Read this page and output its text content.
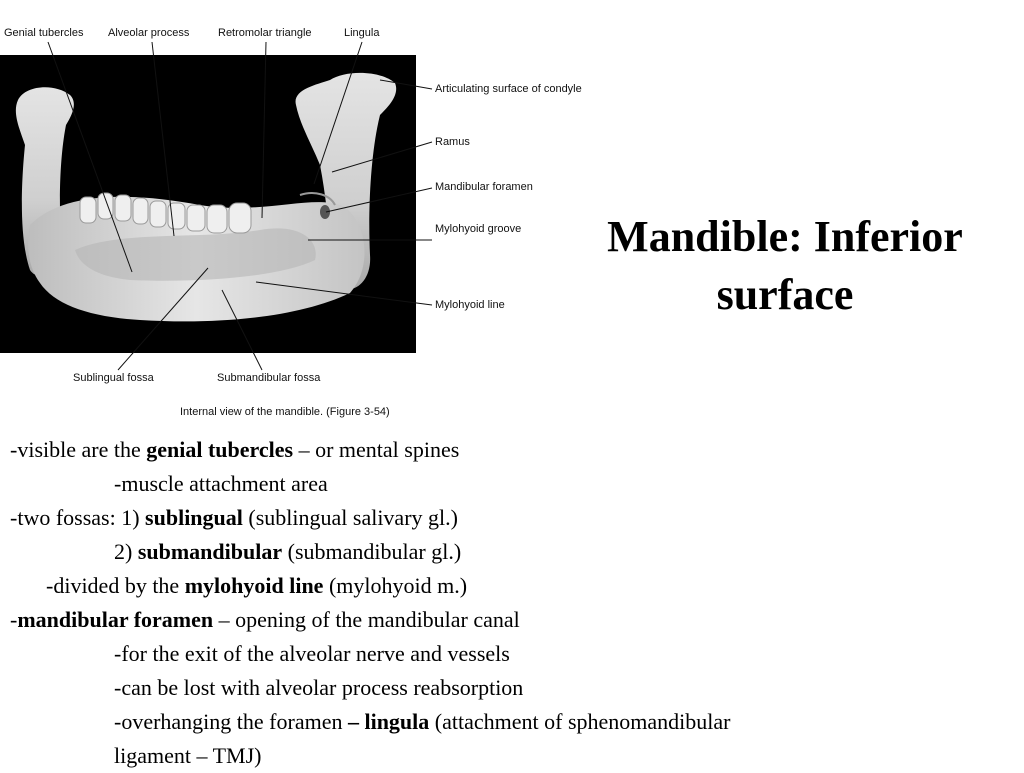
Genial tubercles Alveolar process	Retromolar triangle	Lingula
Articulating surface of condyle
Ramus
Mandibular foramen
Mylohyoid groove
Mylohyoid line
Sublingual fossa	Submandibular fossa
Internal view of the mandible. (Figure 3-54)
Mandible: Inferior
surface
-visible are the genial tubercles – or mental spines
-muscle attachment area
-two fossas: 1) sublingual (sublingual salivary gl.)
2) submandibular (submandibular gl.)
-divided by the mylohyoid line (mylohyoid m.)
-mandibular foramen – opening of the mandibular canal
-for the exit of the alveolar nerve and vessels
-can be lost with alveolar process reabsorption
-overhanging the foramen – lingula (attachment of sphenomandibular
ligament – TMJ)
